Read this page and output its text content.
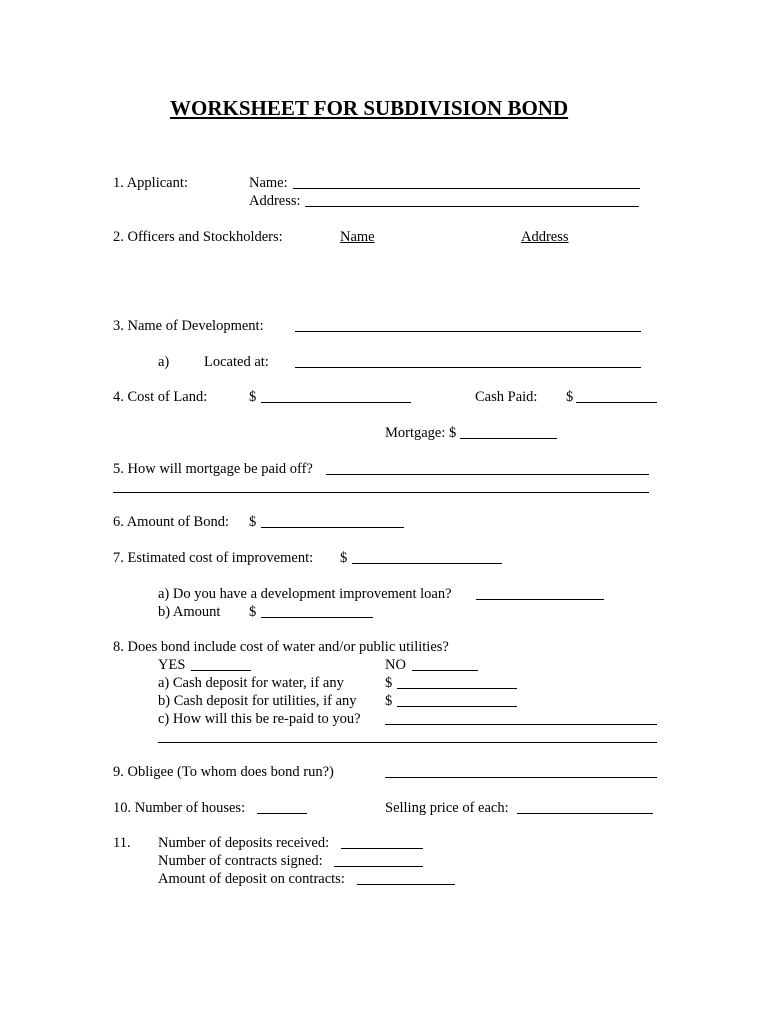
WORKSHEET FOR SUBDIVISION BOND
1. Applicant:	Name:
Address:
2. Officers and Stockholders:	Name	Address
3. Name of Development:
a) Located at:
4. Cost of Land:	$	Cash Paid: $
Mortgage: $
5. How will mortgage be paid off?
6. Amount of Bond: $
7. Estimated cost of improvement: $
a) Do you have a development improvement loan?
b) Amount $
8. Does bond include cost of water and/or public utilities?
YES	NO
a) Cash deposit for water, if any	$
b) Cash deposit for utilities, if any $
c) How will this be re-paid to you?
9. Obligee (To whom does bond run?)
10. Number of houses:	Selling price of each:
11. Number of deposits received:
Number of contracts signed:
Amount of deposit on contracts:
